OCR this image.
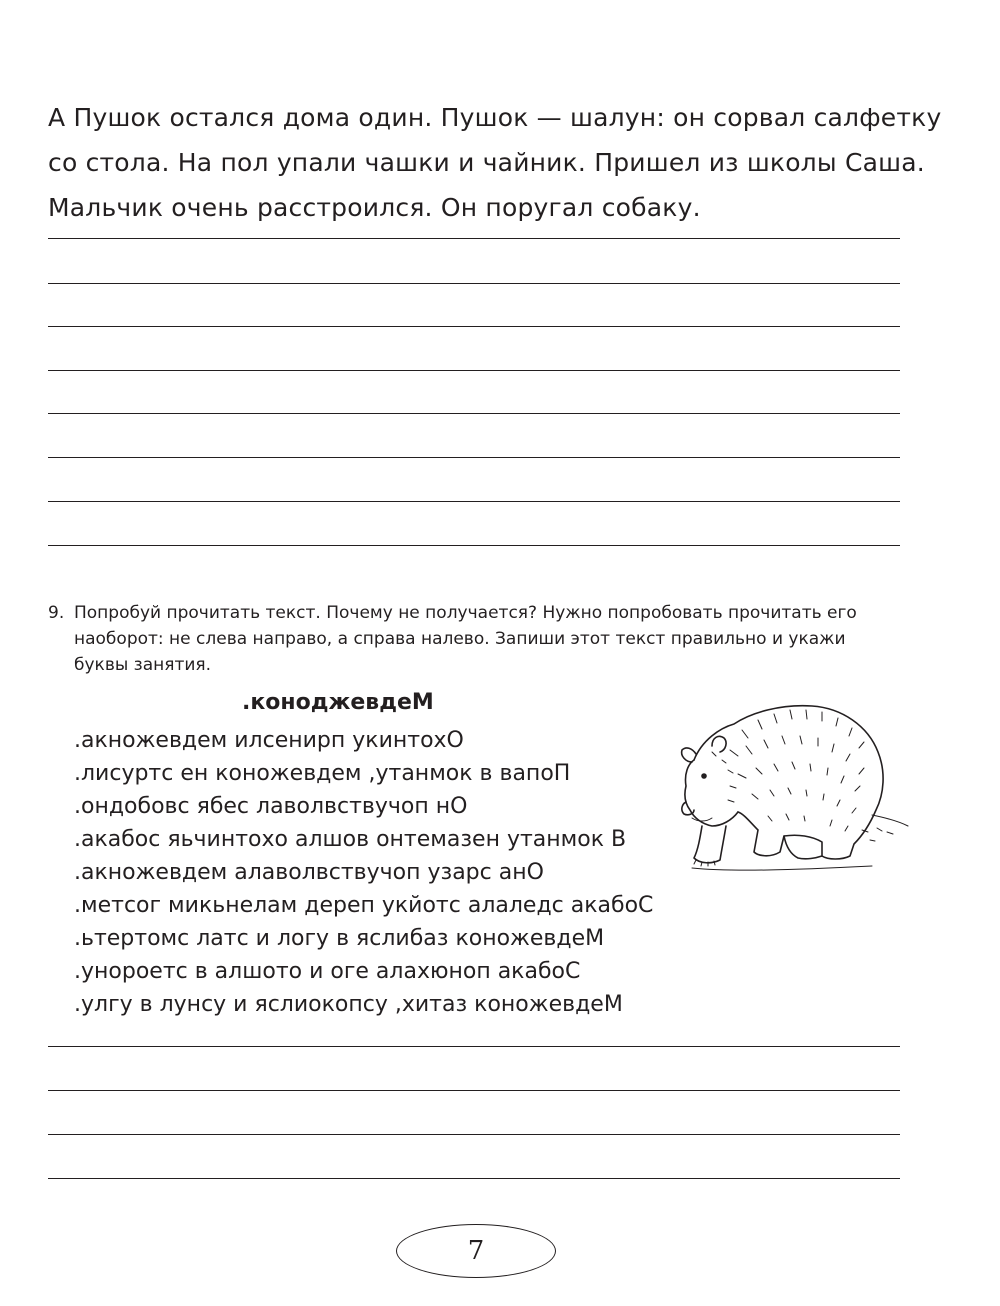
А Пушок остался дома один. Пушок — шалун: он сорвал салфетку
со стола. На пол упали чашки и чайник. Пришел из школы Саша.
Мальчик очень расстроился. Он поругал собаку.
9. Попробуй прочитать текст. Почему не получается? Нужно попробовать прочитать его
наоборот: не слева направо, а справа налево. Запиши этот текст правильно и укажи
буквы занятия.
.коноджевдеМ
.акножевдем илсенирп укинтохО
.лисуртс ен коножевдем ,утанмок в вапоП
.ондобовс ябес лаволвствучоп нО
.акабос яьчинтохо алшов онтемазен утанмок В
.акножевдем алаволвствучоп узарс анО
.метсог микьнелам дереп укйотс алаледс акабоС
.ьтертомс латс и логу в яслибаз коножевдеМ
.унороетс в алшото и оге алахюноп акабоС
.улгу в лунсу и яслиокопсу ,хитаз коножевдеМ
7
